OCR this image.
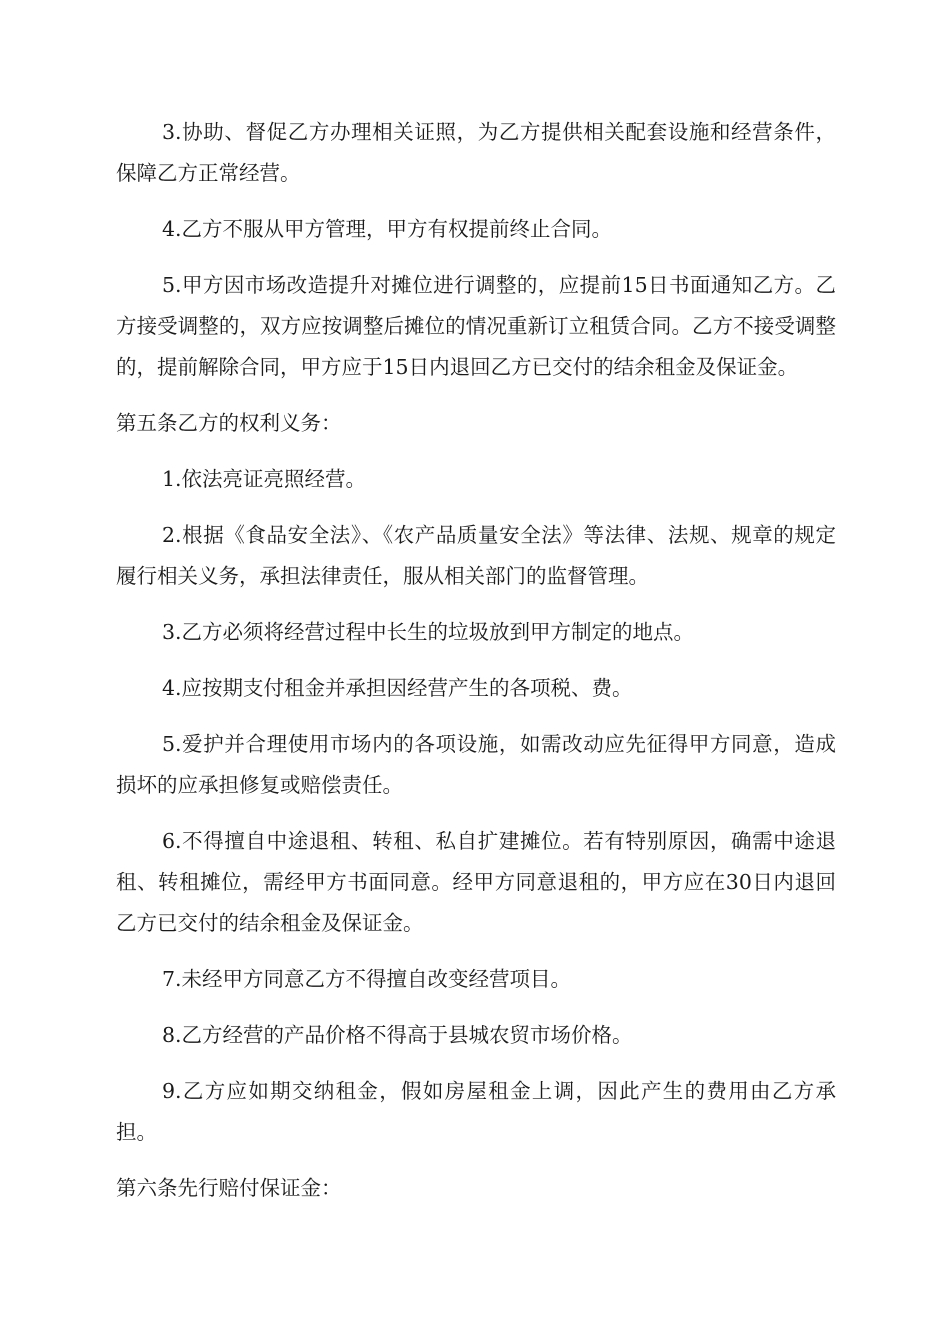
3.协助、督促乙方办理相关证照，为乙方提供相关配套设施和经营条件，保障乙方正常经营。

4.乙方不服从甲方管理，甲方有权提前终止合同。

5.甲方因市场改造提升对摊位进行调整的，应提前15日书面通知乙方。乙方接受调整的，双方应按调整后摊位的情况重新订立租赁合同。乙方不接受调整的，提前解除合同，甲方应于15日内退回乙方已交付的结余租金及保证金。

第五条乙方的权利义务：

1.依法亮证亮照经营。

2.根据《食品安全法》、《农产品质量安全法》等法律、法规、规章的规定履行相关义务，承担法律责任，服从相关部门的监督管理。

3.乙方必须将经营过程中长生的垃圾放到甲方制定的地点。

4.应按期支付租金并承担因经营产生的各项税、费。

5.爱护并合理使用市场内的各项设施，如需改动应先征得甲方同意，造成损坏的应承担修复或赔偿责任。

6.不得擅自中途退租、转租、私自扩建摊位。若有特别原因，确需中途退租、转租摊位，需经甲方书面同意。经甲方同意退租的，甲方应在30日内退回乙方已交付的结余租金及保证金。

7.未经甲方同意乙方不得擅自改变经营项目。

8.乙方经营的产品价格不得高于县城农贸市场价格。

9.乙方应如期交纳租金，假如房屋租金上调，因此产生的费用由乙方承担。

第六条先行赔付保证金：
